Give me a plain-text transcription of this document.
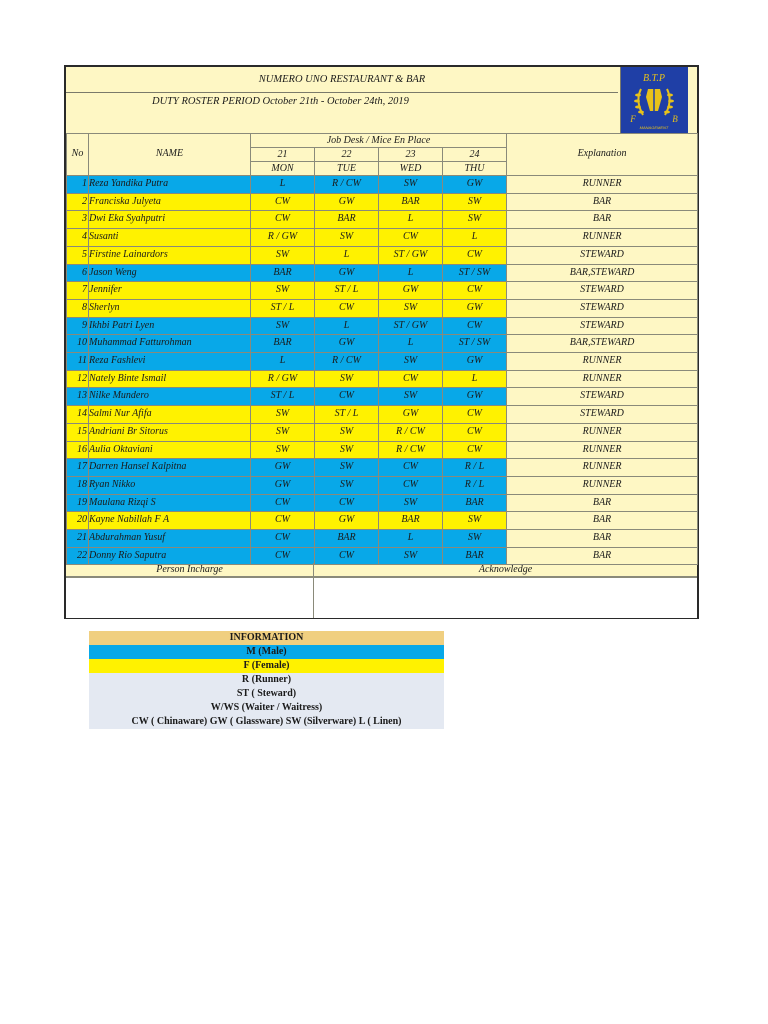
NUMERO UNO RESTAURANT & BAR
DUTY ROSTER PERIOD October 21th - October 24th, 2019
B.T.P
F	B
MANAGEMENT
No	NAME	Job Desk / Mice En Place				Explanation
		21	22	23	24	
		MON	TUE	WED	THU	
1	Reza Yandika Putra	L	R / CW	SW	GW	RUNNER
2	Franciska Julyeta	CW	GW	BAR	SW	BAR
3	Dwi Eka Syahputri	CW	BAR	L	SW	BAR
4	Susanti	R / GW	SW	CW	L	RUNNER
5	Firstine Lainardors	SW	L	ST / GW	CW	STEWARD
6	Jason Weng	BAR	GW	L	ST / SW	BAR,STEWARD
7	Jennifer	SW	ST / L	GW	CW	STEWARD
8	Sherlyn	ST / L	CW	SW	GW	STEWARD
9	Ikhbi Patri Lyen	SW	L	ST / GW	CW	STEWARD
10	Muhammad Fatturohman	BAR	GW	L	ST / SW	BAR,STEWARD
11	Reza Fashlevi	L	R / CW	SW	GW	RUNNER
12	Nately Binte Ismail	R / GW	SW	CW	L	RUNNER
13	Nilke Mundero	ST / L	CW	SW	GW	STEWARD
14	Salmi Nur Afifa	SW	ST / L	GW	CW	STEWARD
15	Andriani Br Sitorus	SW	SW	R / CW	CW	RUNNER
16	Aulia Oktaviani	SW	SW	R / CW	CW	RUNNER
17	Darren Hansel Kalpitna	GW	SW	CW	R / L	RUNNER
18	Ryan Nikko	GW	SW	CW	R / L	RUNNER
19	Maulana Rizqi S	CW	CW	SW	BAR	BAR
20	Kayne Nabillah F A	CW	GW	BAR	SW	BAR
21	Abdurahman Yusuf	CW	BAR	L	SW	BAR
22	Donny Rio Saputra	CW	CW	SW	BAR	BAR
Person Incharge	Acknowledge
INFORMATION
M (Male)
F (Female)
R (Runner)
ST ( Steward)
W/WS (Waiter / Waitress)
CW ( Chinaware) GW ( Glassware) SW (Silverware) L ( Linen)
